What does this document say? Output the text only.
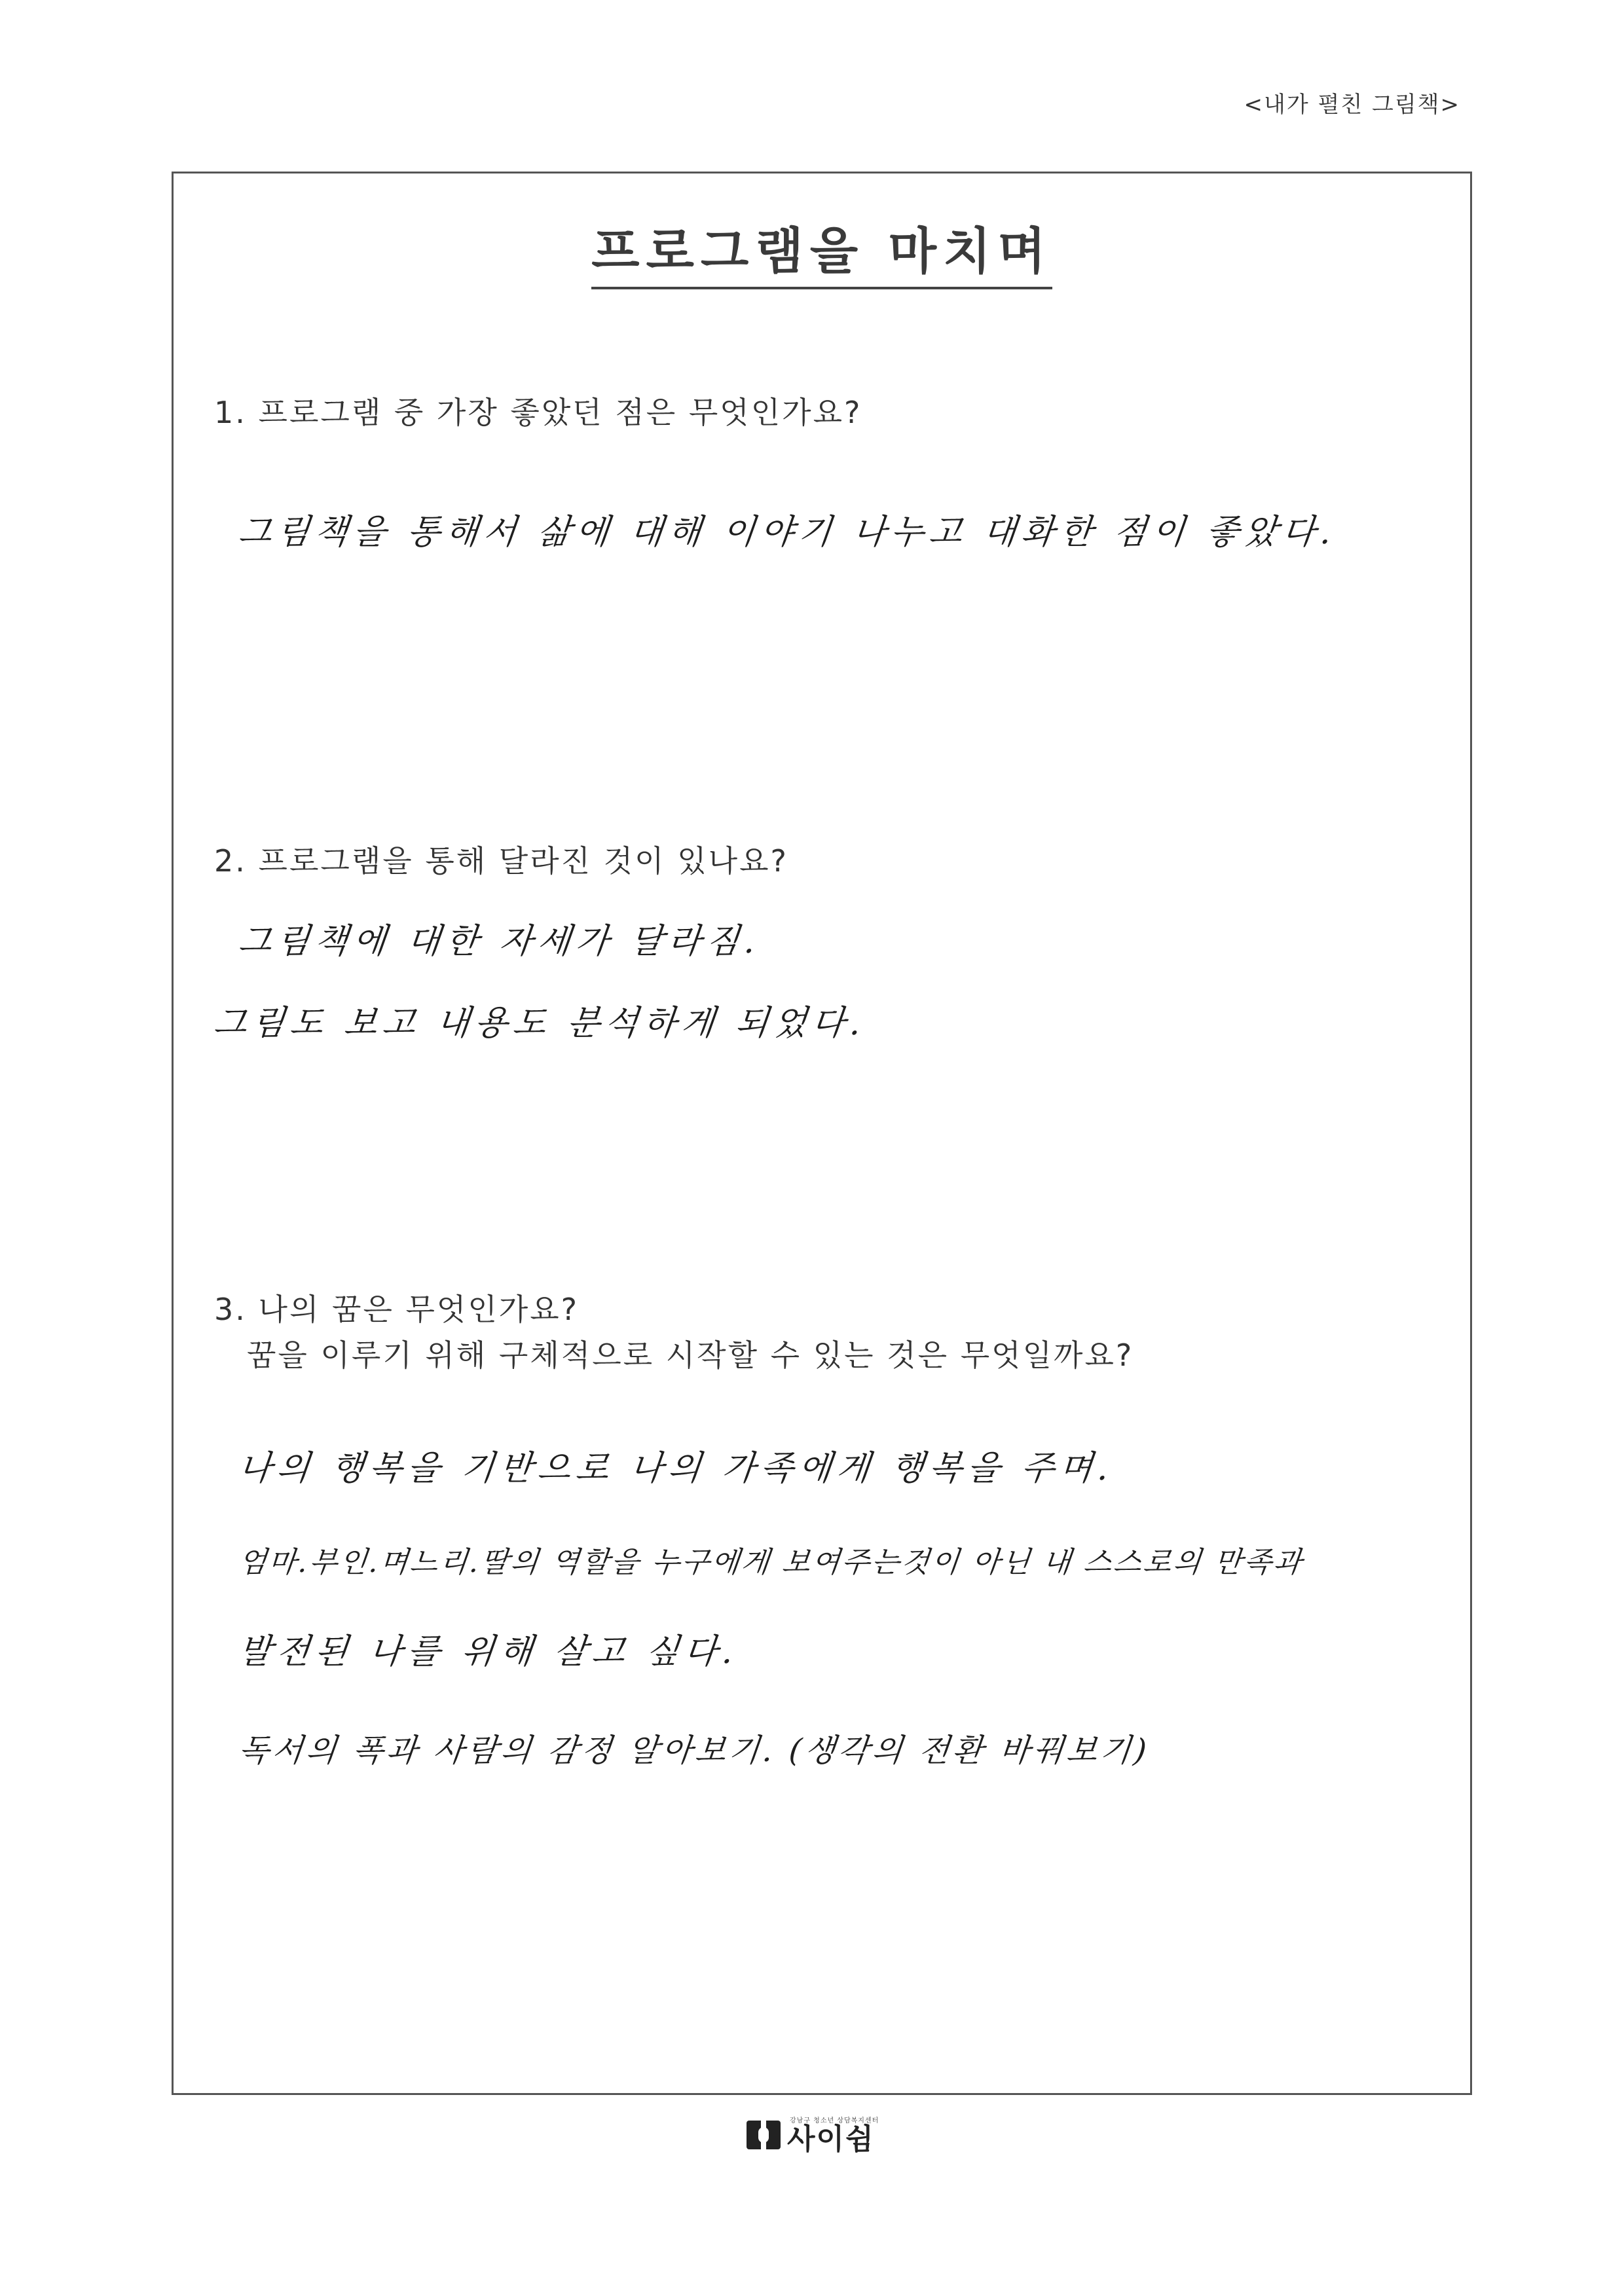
<내가 펼친 그림책>
프로그램을 마치며
1. 프로그램 중 가장 좋았던 점은 무엇인가요?
그림책을 통해서 삶에 대해 이야기 나누고 대화한 점이 좋았다.
2. 프로그램을 통해 달라진 것이 있나요?
그림책에 대한 자세가 달라짐.
그림도 보고 내용도 분석하게 되었다.
3. 나의 꿈은 무엇인가요?
꿈을 이루기 위해 구체적으로 시작할 수 있는 것은 무엇일까요?
나의 행복을 기반으로 나의 가족에게 행복을 주며.
엄마.부인.며느리.딸의 역할을 누구에게 보여주는것이 아닌 내 스스로의 만족과
발전된 나를 위해 살고 싶다.
독서의 폭과 사람의 감정 알아보기. (생각의 전환 바꿔보기)
강남구 청소년 상담복지센터
사이쉼
